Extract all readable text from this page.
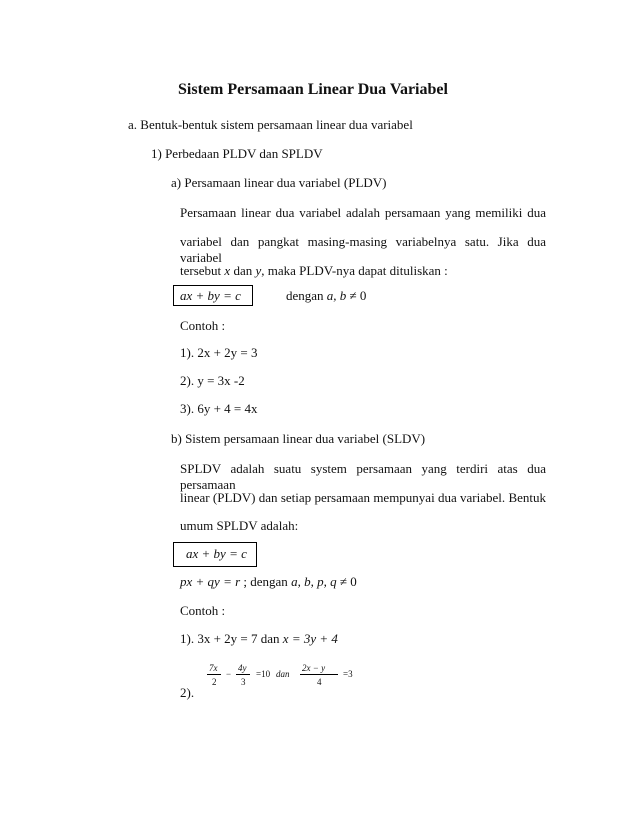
Sistem Persamaan Linear Dua Variabel
a. Bentuk-bentuk sistem persamaan linear dua variabel
1) Perbedaan PLDV dan SPLDV
a) Persamaan linear dua variabel (PLDV)
Persamaan linear dua variabel adalah persamaan yang memiliki dua
variabel dan pangkat masing-masing variabelnya satu. Jika dua variabel
tersebut x dan y, maka PLDV-nya dapat dituliskan :
ax + by = c	dengan a, b ≠ 0
Contoh :
1). 2x + 2y = 3
2). y = 3x -2
3). 6y + 4 = 4x
b) Sistem persamaan linear dua variabel (SLDV)
SPLDV adalah suatu system persamaan yang terdiri atas dua persamaan
linear (PLDV) dan setiap persamaan mempunyai dua variabel. Bentuk
umum SPLDV adalah:
ax + by = c
px + qy = r ; dengan a, b, p, q ≠ 0
Contoh :
1). 3x + 2y = 7 dan x = 3y + 4
2).
7x
2
−
4y
3
=10 dan
2x − y
4
=3
